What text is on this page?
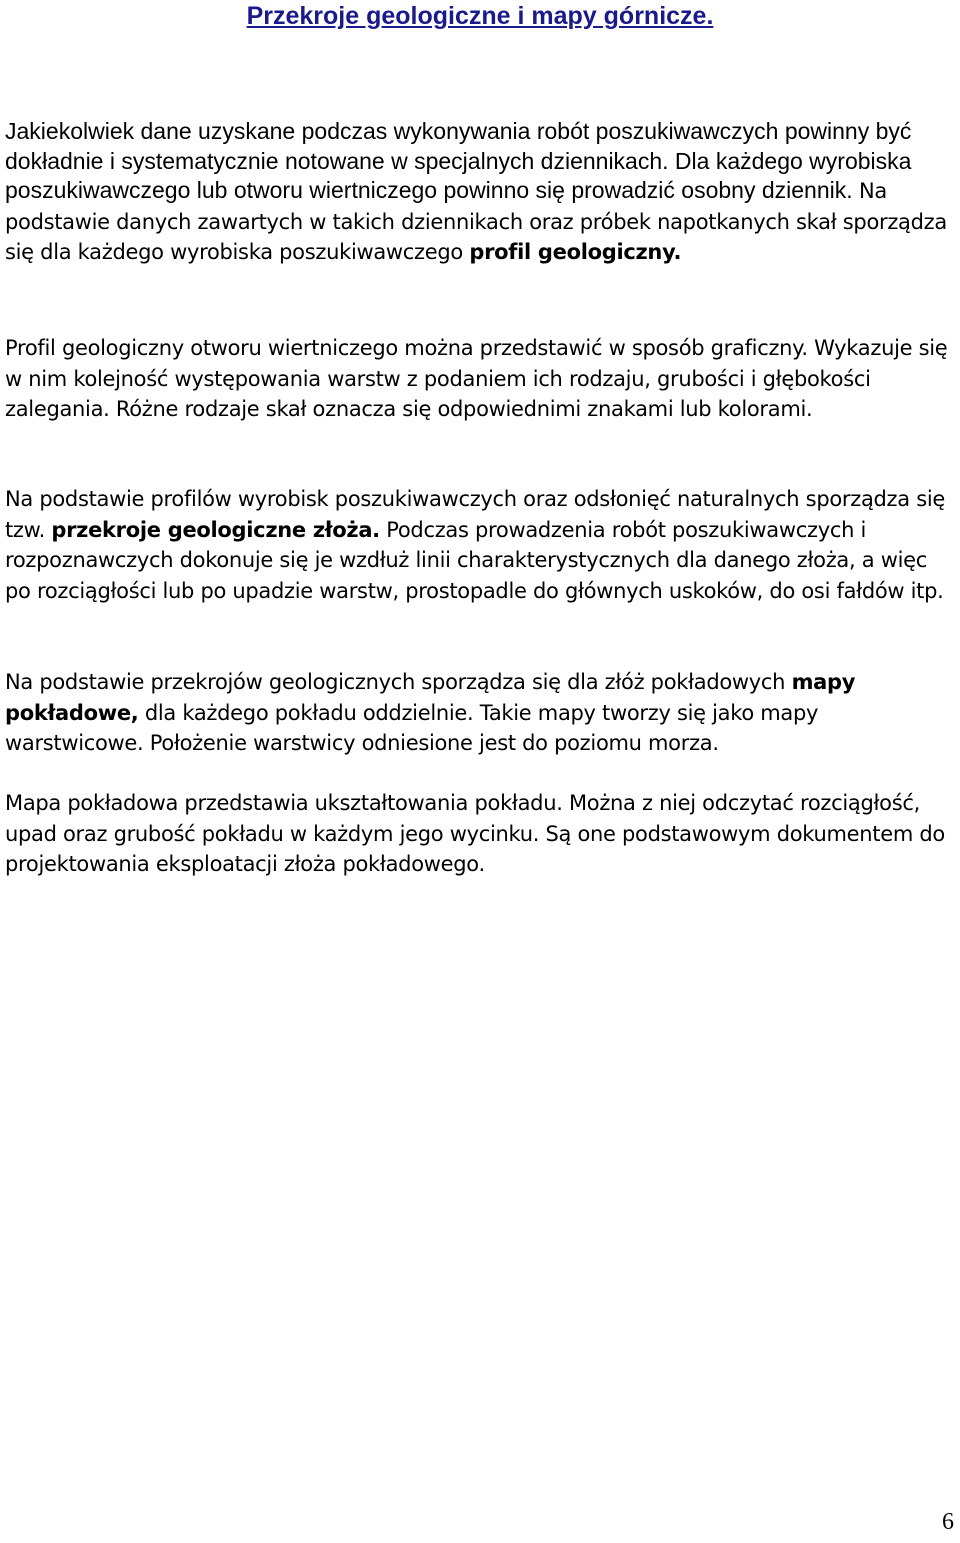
Przekroje geologiczne i mapy górnicze.

Jakiekolwiek dane uzyskane podczas wykonywania robót poszukiwawczych powinny być dokładnie i systematycznie notowane w specjalnych dziennikach. Dla każdego wyrobiska poszukiwawczego lub otworu wiertniczego powinno się prowadzić osobny dziennik. Na podstawie danych zawartych w takich dziennikach oraz próbek napotkanych skał sporządza się dla każdego wyrobiska poszukiwawczego profil geologiczny.

Profil geologiczny otworu wiertniczego można przedstawić w sposób graficzny. Wykazuje się w nim kolejność występowania warstw z podaniem ich rodzaju, grubości i głębokości zalegania. Różne rodzaje skał oznacza się odpowiednimi znakami lub kolorami.

Na podstawie profilów wyrobisk poszukiwawczych oraz odsłonięć naturalnych sporządza się tzw. przekroje geologiczne złoża. Podczas prowadzenia robót poszukiwawczych i rozpoznawczych dokonuje się je wzdłuż linii charakterystycznych dla danego złoża, a więc po rozciągłości lub po upadzie warstw, prostopadle do głównych uskoków, do osi fałdów itp.

Na podstawie przekrojów geologicznych sporządza się dla złóż pokładowych mapy pokładowe, dla każdego pokładu oddzielnie. Takie mapy tworzy się jako mapy warstwicowe. Położenie warstwicy odniesione jest do poziomu morza.

Mapa pokładowa przedstawia ukształtowania pokładu. Można z niej odczytać rozciągłość, upad oraz grubość pokładu w każdym jego wycinku. Są one podstawowym dokumentem do projektowania eksploatacji złoża pokładowego.

6
